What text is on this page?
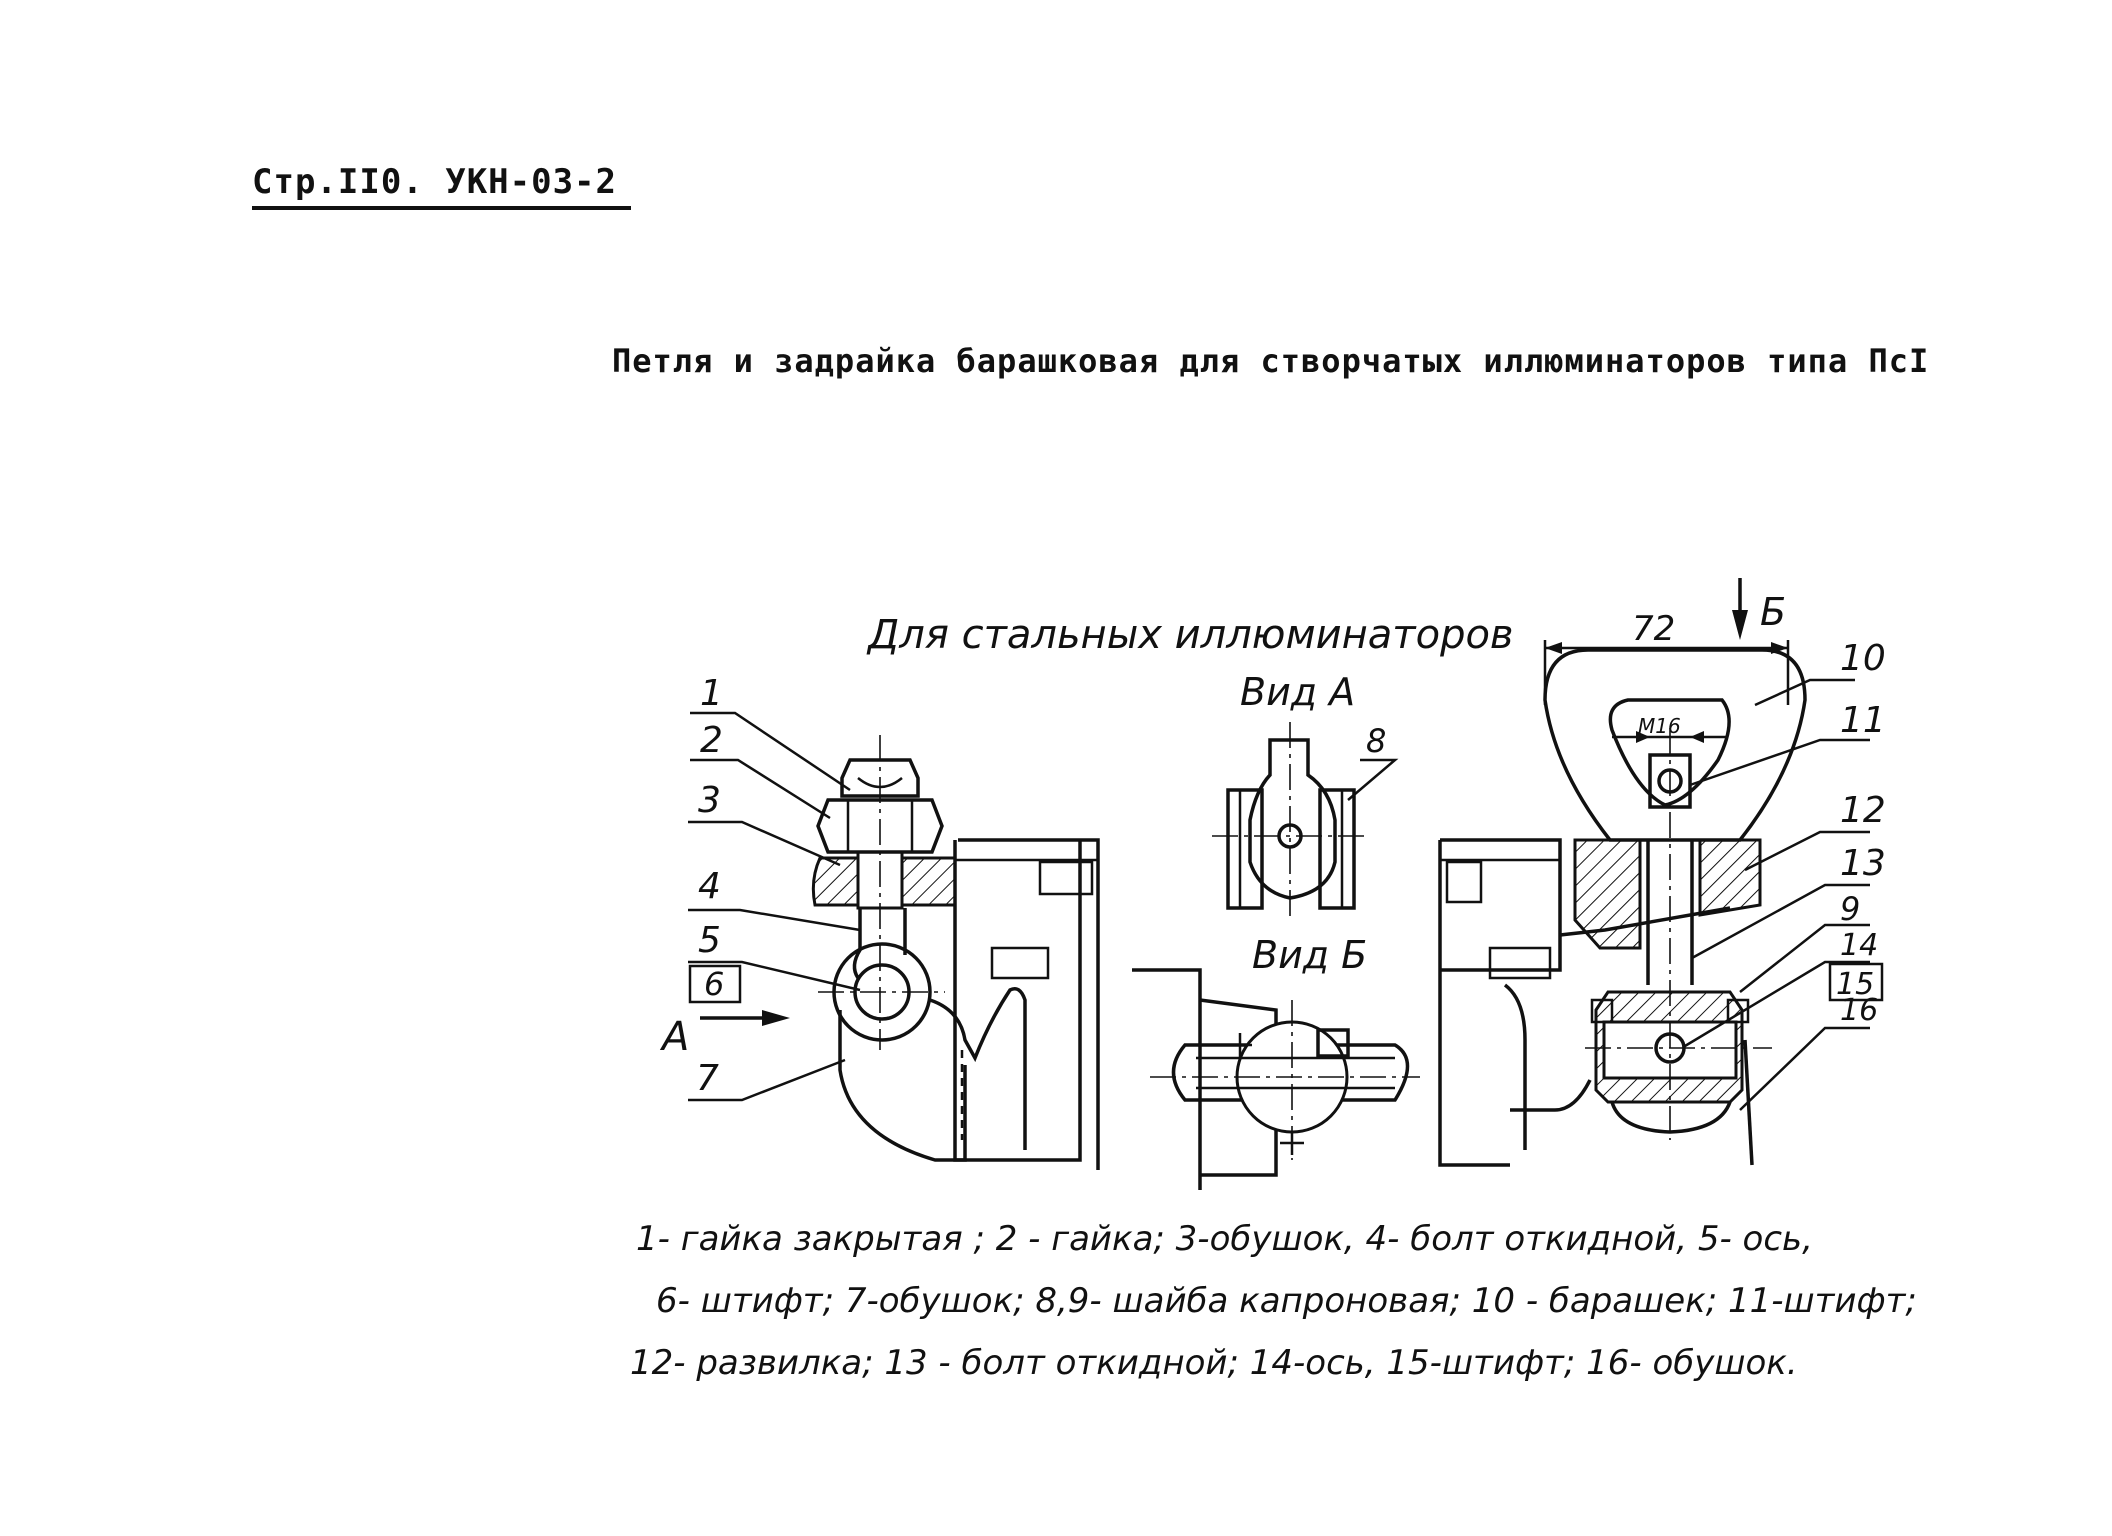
Стр.II0. УКН-03-2
Петля и задрайка барашковая для створчатых иллюминаторов типа ПсI
Для стальных иллюминаторов	72
М16
Вид А
Вид Б
А
Б
1
2
3
4
5
6
7
8
9
10
11
12
13
14
15
16
1- гайка закрытая ; 2 - гайка; 3-обушок, 4- болт откидной, 5- ось,
6- штифт; 7-обушок; 8,9- шайба капроновая; 10 - барашек; 11-штифт;
12- развилка; 13 - болт откидной; 14-ось, 15-штифт; 16- обушок.
